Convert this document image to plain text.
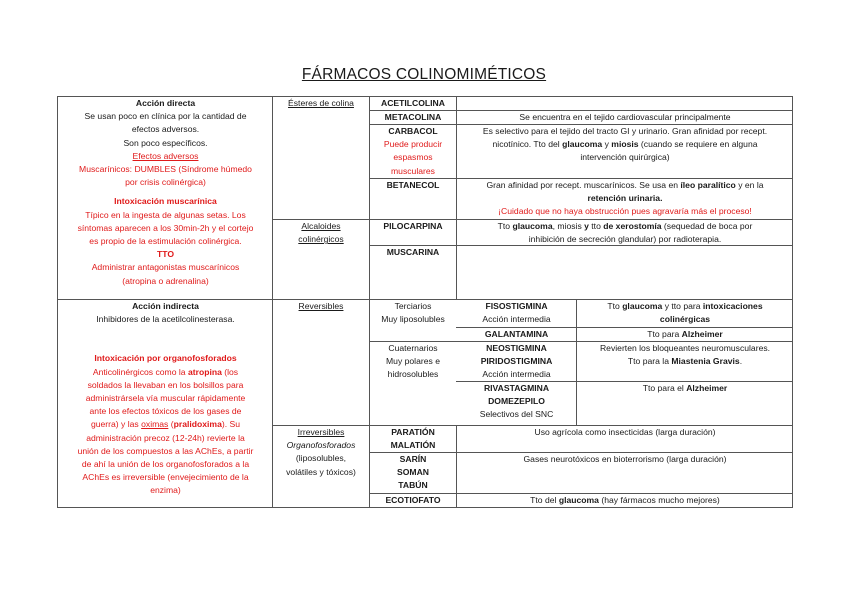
FÁRMACOS COLINOMIMÉTICOS
Acción directa
Se usan poco en clínica por la cantidad de
efectos adversos.
Son poco específicos.
Efectos adversos
Muscarínicos: DUMBLES (Síndrome húmedo
por crisis colinérgica)
Intoxicación muscarínica
Típico en la ingesta de algunas setas. Los
síntomas aparecen a los 30min-2h y el cortejo
es propio de la estimulación colinérgica.
TTO
Administrar antagonistas muscarínicos
(atropina o adrenalina)
Acción indirecta
Inhibidores de la acetilcolinesterasa.
Intoxicación por organofosforados
Anticolinérgicos como la atropina (los
soldados la llevaban en los bolsillos para
administrársela vía muscular rápidamente
ante los efectos tóxicos de los gases de
guerra) y las oximas (pralidoxima). Su
administración precoz (12-24h) revierte la
unión de los compuestos a las AChEs, a partir
de ahí la unión de los organofosforados a la
AChEs es irreversible (envejecimiento de la
enzima)
Ésteres de colina
Alcaloides
colinérgicos
Reversibles
Irreversibles
Organofosforados
(liposolubles,
volátiles y tóxicos)
ACETILCOLINA
METACOLINA
CARBACOL
Puede producir
espasmos
musculares
BETANECOL
PILOCARPINA
MUSCARINA
Se encuentra en el tejido cardiovascular principalmente
Es selectivo para el tejido del tracto GI y urinario. Gran afinidad por recept.
nicotínico. Tto del glaucoma y miosis (cuando se requiere en alguna
intervención quirúrgica)
Gran afinidad por recept. muscarínicos. Se usa en íleo paralítico y en la
retención urinaria.
¡Cuidado que no haya obstrucción pues agravaría más el proceso!
Tto glaucoma, miosis y tto de xerostomía (sequedad de boca por
inhibición de secreción glandular) por radioterapia.
Terciarios
Muy liposolubles
Cuaternarios
Muy polares e
hidrosolubles
FISOSTIGMINA
Acción intermedia
GALANTAMINA
NEOSTIGMINA
PIRIDOSTIGMINA
Acción intermedia
RIVASTAGMINA
DOMEZEPILO
Selectivos del SNC
Tto glaucoma y tto para intoxicaciones
colinérgicas
Tto para Alzheimer
Revierten los bloqueantes neuromusculares.
Tto para la Miastenia Gravis.
Tto para el Alzheimer
PARATIÓN
MALATIÓN
SARÍN
SOMAN
TABÚN
ECOTIOFATO
Uso agrícola como insecticidas (larga duración)
Gases neurotóxicos en bioterrorismo (larga duración)
Tto del glaucoma (hay fármacos mucho mejores)
